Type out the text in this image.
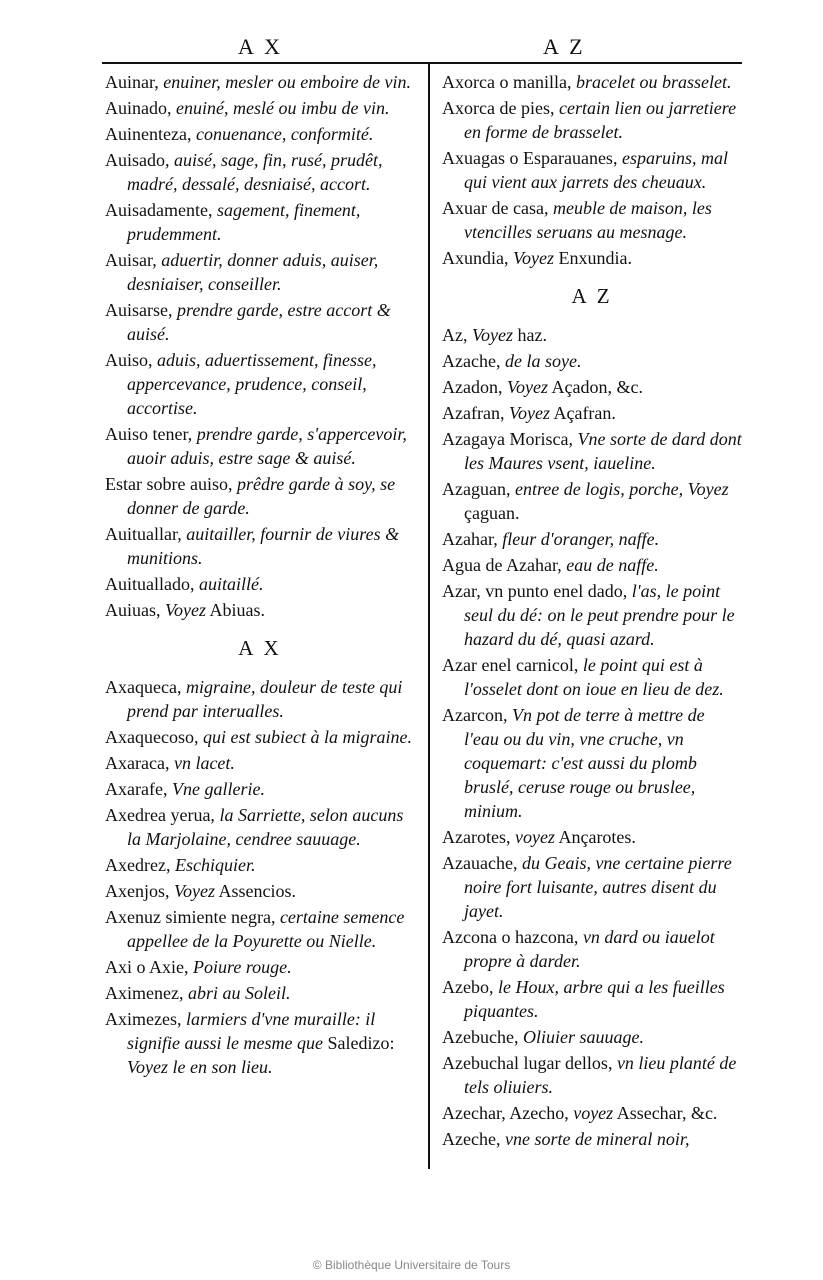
A X	A Z
Auinar, enuiner, mesler ou emboire de vin.
Auinado, enuiné, meslé ou imbu de vin.
Auinenteza, conuenance, conformité.
Auisado, auisé, sage, fin, rusé, prudêt, madré, dessalé, desniaisé, accort.
Auisadamente, sagement, finement, prudemment.
Auisar, aduertir, donner aduis, auiser, desniaiser, conseiller.
Auisarse, prendre garde, estre accort & auisé.
Auiso, aduis, aduertissement, finesse, appercevance, prudence, conseil, accortise.
Auiso tener, prendre garde, s'appercevoir, auoir aduis, estre sage & auisé.
Estar sobre auiso, prêdre garde à soy, se donner de garde.
Auituallar, auitailler, fournir de viures & munitions.
Auituallado, auitaillé.
Auiuas, Voyez Abiuas.
A X
Axaqueca, migraine, douleur de teste qui prend par interualles.
Axaquecoso, qui est subiect à la migraine.
Axaraca, vn lacet.
Axarafe, Vne gallerie.
Axedrea yerua, la Sarriette, selon aucuns la Marjolaine, cendree sauuage.
Axedrez, Eschiquier.
Axenjos, Voyez Assencios.
Axenuz simiente negra, certaine semence appellee de la Poyurette ou Nielle.
Axi o Axie, Poiure rouge.
Aximenez, abri au Soleil.
Aximezes, larmiers d'vne muraille: il signifie aussi le mesme que Saledizo: Voyez le en son lieu.
Axorca o manilla, bracelet ou brasselet.
Axorca de pies, certain lien ou jarretiere en forme de brasselet.
Axuagas o Esparauanes, esparuins, mal qui vient aux jarrets des cheuaux.
Axuar de casa, meuble de maison, les vtencilles seruans au mesnage.
Axundia, Voyez Enxundia.
A Z
Az, Voyez haz.
Azache, de la soye.
Azadon, Voyez Açadon, &c.
Azafran, Voyez Açafran.
Azagaya Morisca, Vne sorte de dard dont les Maures vsent, iaueline.
Azaguan, entree de logis, porche, Voyez çaguan.
Azahar, fleur d'oranger, naffe.
Agua de Azahar, eau de naffe.
Azar, vn punto enel dado, l'as, le point seul du dé: on le peut prendre pour le hazard du dé, quasi azard.
Azar enel carnicol, le point qui est à l'osselet dont on ioue en lieu de dez.
Azarcon, Vn pot de terre à mettre de l'eau ou du vin, vne cruche, vn coquemart: c'est aussi du plomb bruslé, ceruse rouge ou bruslee, minium.
Azarotes, voyez Ançarotes.
Azauache, du Geais, vne certaine pierre noire fort luisante, autres disent du jayet.
Azcona o hazcona, vn dard ou iauelot propre à darder.
Azebo, le Houx, arbre qui a les fueilles piquantes.
Azebuche, Oliuier sauuage.
Azebuchal lugar dellos, vn lieu planté de tels oliuiers.
Azechar, Azecho, voyez Assechar, &c.
Azeche, vne sorte de mineral noir,
© Bibliothèque Universitaire de Tours
